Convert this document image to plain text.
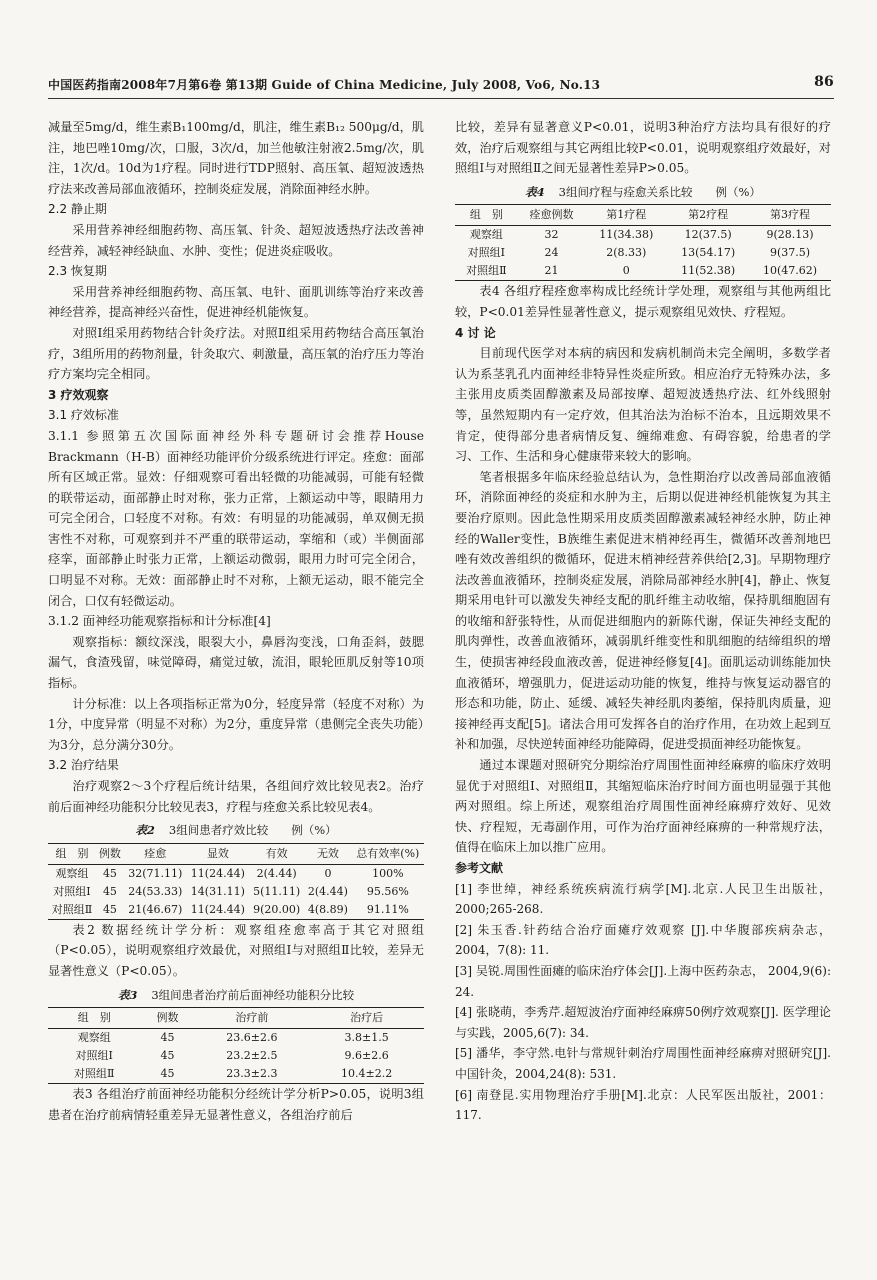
中国医药指南2008年7月第6卷 第13期 Guide of China Medicine, July 2008, Vo6, No.13	86

减量至5mg/d，维生素B₁100mg/d，肌注，维生素B₁₂ 500μg/d，肌注，地巴唑10mg/次，口服，3次/d，加兰他敏注射液2.5mg/次，肌注，1次/d。10d为1疗程。同时进行TDP照射、高压氧、超短波透热疗法来改善局部血液循环，控制炎症发展，消除面神经水肿。

2.2 静止期

采用营养神经细胞药物、高压氧、针灸、超短波透热疗法改善神经营养，减轻神经缺血、水肿、变性；促进炎症吸收。

2.3 恢复期

采用营养神经细胞药物、高压氧、电针、面肌训练等治疗来改善神经营养，提高神经兴奋性，促进神经机能恢复。

对照Ⅰ组采用药物结合针灸疗法。对照Ⅱ组采用药物结合高压氧治疗，3组所用的药物剂量，针灸取穴、刺激量，高压氧的治疗压力等治疗方案均完全相同。

3 疗效观察

3.1 疗效标准

3.1.1 参照第五次国际面神经外科专题研讨会推荐House Brackmann（H-B）面神经功能评价分级系统进行评定。痊愈：面部所有区域正常。显效：仔细观察可看出轻微的功能减弱，可能有轻微的联带运动，面部静止时对称，张力正常，上额运动中等，眼睛用力可完全闭合，口轻度不对称。有效：有明显的功能减弱，单双侧无损害性不对称，可观察到并不严重的联带运动，挛缩和（或）半侧面部痉挛，面部静止时张力正常，上额运动微弱，眼用力时可完全闭合，口明显不对称。无效：面部静止时不对称，上额无运动，眼不能完全闭合，口仅有轻微运动。

3.1.2 面神经功能观察指标和计分标准[4]

观察指标：额纹深浅，眼裂大小，鼻唇沟变浅，口角歪斜，鼓腮漏气，食渣残留，味觉障碍，痛觉过敏，流泪，眼轮匝肌反射等10项指标。

计分标准：以上各项指标正常为0分，轻度异常（轻度不对称）为1分，中度异常（明显不对称）为2分，重度异常（患侧完全丧失功能）为3分，总分满分30分。

3.2 治疗结果

治疗观察2～3个疗程后统计结果，各组间疗效比较见表2。治疗前后面神经功能积分比较见表3，疗程与痊愈关系比较见表4。

表2 3组间患者疗效比较　　例（%）
组　别	例数	痊愈	显效	有效	无效	总有效率(%)
观察组	45	32(71.11)	11(24.44)	2(4.44)	0	100%
对照组Ⅰ	45	24(53.33)	14(31.11)	5(11.11)	2(4.44)	95.56%
对照组Ⅱ	45	21(46.67)	11(24.44)	9(20.00)	4(8.89)	91.11%

表2 数据经统计学分析：观察组痊愈率高于其它对照组（P<0.05），说明观察组疗效最优，对照组Ⅰ与对照组Ⅱ比较，差异无显著性意义（P<0.05）。

表3 3组间患者治疗前后面神经功能积分比较
组　别	例数	治疗前	治疗后
观察组	45	23.6±2.6	3.8±1.5
对照组Ⅰ	45	23.2±2.5	9.6±2.6
对照组Ⅱ	45	23.3±2.3	10.4±2.2

表3 各组治疗前面神经功能积分经统计学分析P>0.05，说明3组患者在治疗前病情轻重差异无显著性意义，各组治疗前后

比较，差异有显著意义P<0.01，说明3种治疗方法均具有很好的疗效，治疗后观察组与其它两组比较P<0.01，说明观察组疗效最好，对照组Ⅰ与对照组Ⅱ之间无显著性差异P>0.05。

表4 3组间疗程与痊愈关系比较　　例（%）
组　别	痊愈例数	第1疗程	第2疗程	第3疗程
观察组	32	11(34.38)	12(37.5)	9(28.13)
对照组Ⅰ	24	2(8.33)	13(54.17)	9(37.5)
对照组Ⅱ	21	0	11(52.38)	10(47.62)

表4 各组疗程痊愈率构成比经统计学处理，观察组与其他两组比较，P<0.01差异性显著性意义，提示观察组见效快、疗程短。

4 讨 论

目前现代医学对本病的病因和发病机制尚未完全阐明，多数学者认为系茎乳孔内面神经非特异性炎症所致。相应治疗无特殊办法，多主张用皮质类固醇激素及局部按摩、超短波透热疗法、红外线照射等，虽然短期内有一定疗效，但其治法为治标不治本，且远期效果不肯定，使得部分患者病情反复、缠绵难愈、有碍容貌，给患者的学习、工作、生活和身心健康带来较大的影响。

笔者根据多年临床经验总结认为，急性期治疗以改善局部血液循环，消除面神经的炎症和水肿为主，后期以促进神经机能恢复为其主要治疗原则。因此急性期采用皮质类固醇激素减轻神经水肿，防止神经的Waller变性，B族维生素促进末梢神经再生，微循环改善剂地巴唑有效改善组织的微循环，促进末梢神经营养供给[2,3]。早期物理疗法改善血液循环，控制炎症发展，消除局部神经水肿[4]，静止、恢复期采用电针可以激发失神经支配的肌纤维主动收缩，保持肌细胞固有的收缩和舒张特性，从而促进细胞内的新陈代谢，保证失神经支配的肌肉弹性，改善血液循环，减弱肌纤维变性和肌细胞的结缔组织的增生，使损害神经段血液改善，促进神经修复[4]。面肌运动训练能加快血液循环，增强肌力，促进运动功能的恢复，维持与恢复运动器官的形态和功能，防止、延缓、减轻失神经肌肉萎缩，保持肌肉质量，迎接神经再支配[5]。诸法合用可发挥各自的治疗作用，在功效上起到互补和加强，尽快逆转面神经功能障碍，促进受损面神经功能恢复。

通过本课题对照研究分期综治疗周围性面神经麻痹的临床疗效明显优于对照组Ⅰ、对照组Ⅱ，其缩短临床治疗时间方面也明显强于其他两对照组。综上所述，观察组治疗周围性面神经麻痹疗效好、见效快、疗程短，无毒副作用，可作为治疗面神经麻痹的一种常规疗法，值得在临床上加以推广应用。

参考文献

[1] 李世绰，神经系统疾病流行病学[M].北京.人民卫生出版社，2000;265-268.

[2] 朱玉香.针药结合治疗面瘫疗效观察 [J].中华腹部疾病杂志，2004，7(8): 11.

[3] 吴锐.周围性面瘫的临床治疗体会[J].上海中医药杂志， 2004,9(6): 24.

[4] 张晓萌，李秀芹.超短波治疗面神经麻痹50例疗效观察[J]. 医学理论与实践，2005,6(7): 34.

[5] 潘华，李守然.电针与常规针刺治疗周围性面神经麻痹对照研究[J].中国针灸，2004,24(8): 531.

[6] 南登昆.实用物理治疗手册[M].北京：人民军医出版社，2001：117.
